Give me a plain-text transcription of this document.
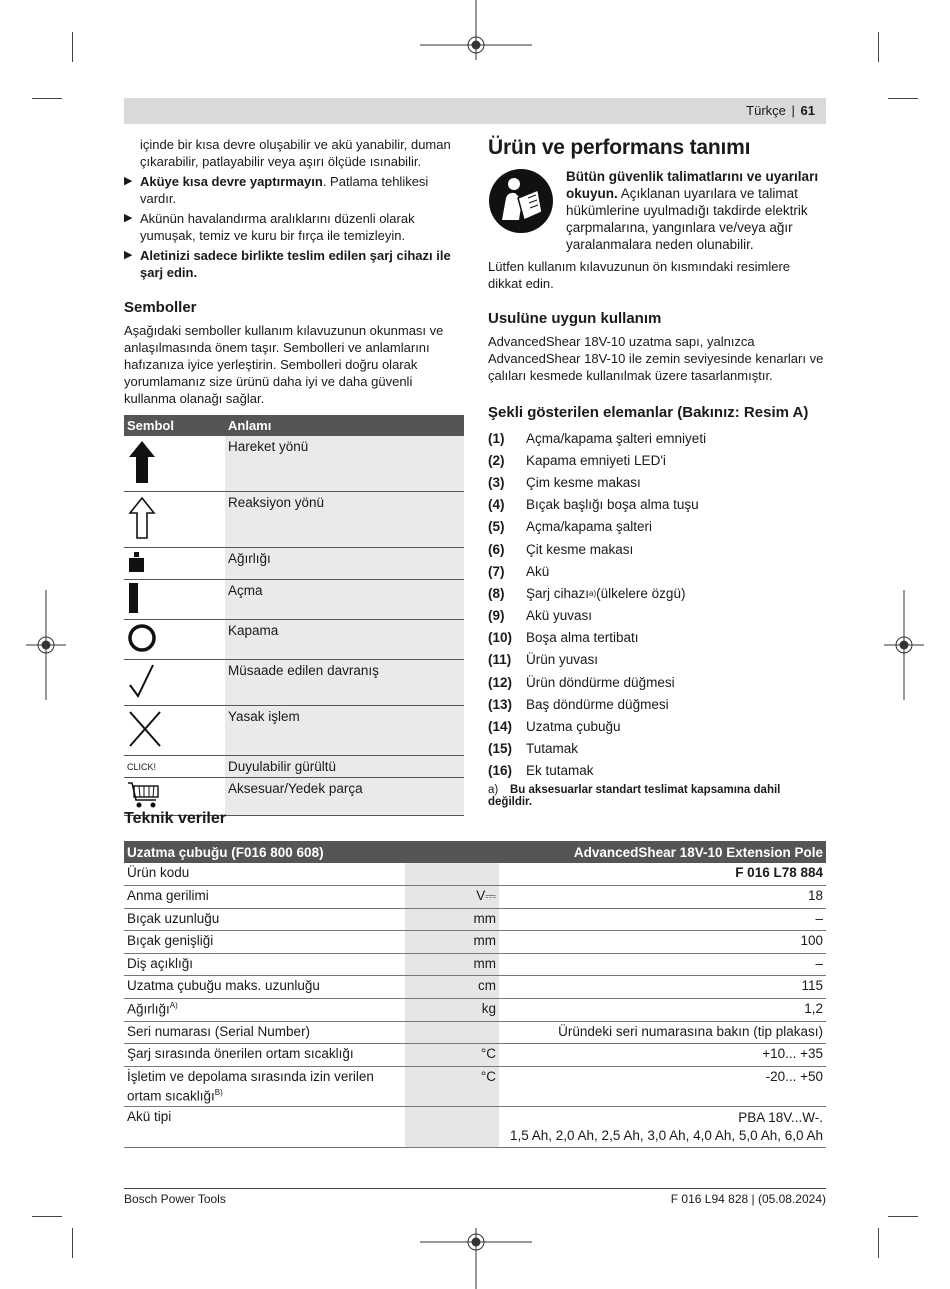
Türkçe | 61

içinde bir kısa devre oluşabilir ve akü yanabilir, duman çıkarabilir, patlayabilir veya aşırı ölçüde ısınabilir.

▶ Aküye kısa devre yaptırmayın. Patlama tehlikesi vardır.
▶ Akünün havalandırma aralıklarını düzenli olarak yumuşak, temiz ve kuru bir fırça ile temizleyin.
▶ Aletinizi sadece birlikte teslim edilen şarj cihazı ile şarj edin.
Semboller

Aşağıdaki semboller kullanım kılavuzunun okunması ve anlaşılmasında önem taşır. Sembolleri ve anlamlarını hafızanıza iyice yerleştirin. Sembolleri doğru olarak yorumlamanız size ürünü daha iyi ve daha güvenli kullanma olanağı sağlar.

Sembol	Anlamı
	Hareket yönü
	Reaksiyon yönü
	Ağırlığı
	Açma
	Kapama
	Müsaade edilen davranış
	Yasak işlem
CLICK!	Duyulabilir gürültü
	Aksesuar/Yedek parça
Ürün ve performans tanımı

Bütün güvenlik talimatlarını ve uyarıları okuyun. Açıklanan uyarılara ve talimat hükümlerine uyulmadığı takdirde elektrik çarpmalarına, yangınlara ve/veya ağır yaralanmalara neden olunabilir.

Lütfen kullanım kılavuzunun ön kısmındaki resimlere dikkat edin.

Usulüne uygun kullanım

AdvancedShear 18V-10 uzatma sapı, yalnızca AdvancedShear 18V-10 ile zemin seviyesinde kenarları ve çalıları kesmede kullanılmak üzere tasarlanmıştır.

Şekli gösterilen elemanlar (Bakınız: Resim A)
(1)	Açma/kapama şalteri emniyeti
(2)	Kapama emniyeti LED'i
(3)	Çim kesme makası
(4)	Bıçak başlığı boşa alma tuşu
(5)	Açma/kapama şalteri
(6)	Çit kesme makası
(7)	Akü
(8)	Şarj cihazı a) (ülkelere özgü)
(9)	Akü yuvası
(10)	Boşa alma tertibatı
(11)	Ürün yuvası
(12)	Ürün döndürme düğmesi
(13)	Baş döndürme düğmesi
(14)	Uzatma çubuğu
(15)	Tutamak
(16)	Ek tutamak
a) Bu aksesuarlar standart teslimat kapsamına dahil değildir.
Teknik veriler
Uzatma çubuğu (F016 800 608)		AdvancedShear 18V-10 Extension Pole
Ürün kodu		F 016 L78 884
Anma gerilimi	V⎓	18
Bıçak uzunluğu	mm	–
Bıçak genişliği	mm	100
Diş açıklığı	mm	–
Uzatma çubuğu maks. uzunluğu	cm	115
Ağırlığı$^{A)}$	kg	1,2
Seri numarası (Serial Number)		Üründeki seri numarasına bakın (tip plakası)
Şarj sırasında önerilen ortam sıcaklığı	°C	+10... +35
İşletim ve depolama sırasında izin verilen ortam sıcaklığı$^{B)}$	°C	-20... +50
Akü tipi		PBA 18V...W-.
1,5 Ah, 2,0 Ah, 2,5 Ah, 3,0 Ah, 4,0 Ah, 5,0 Ah, 6,0 Ah
Bosch Power Tools	F 016 L94 828 | (05.08.2024)
